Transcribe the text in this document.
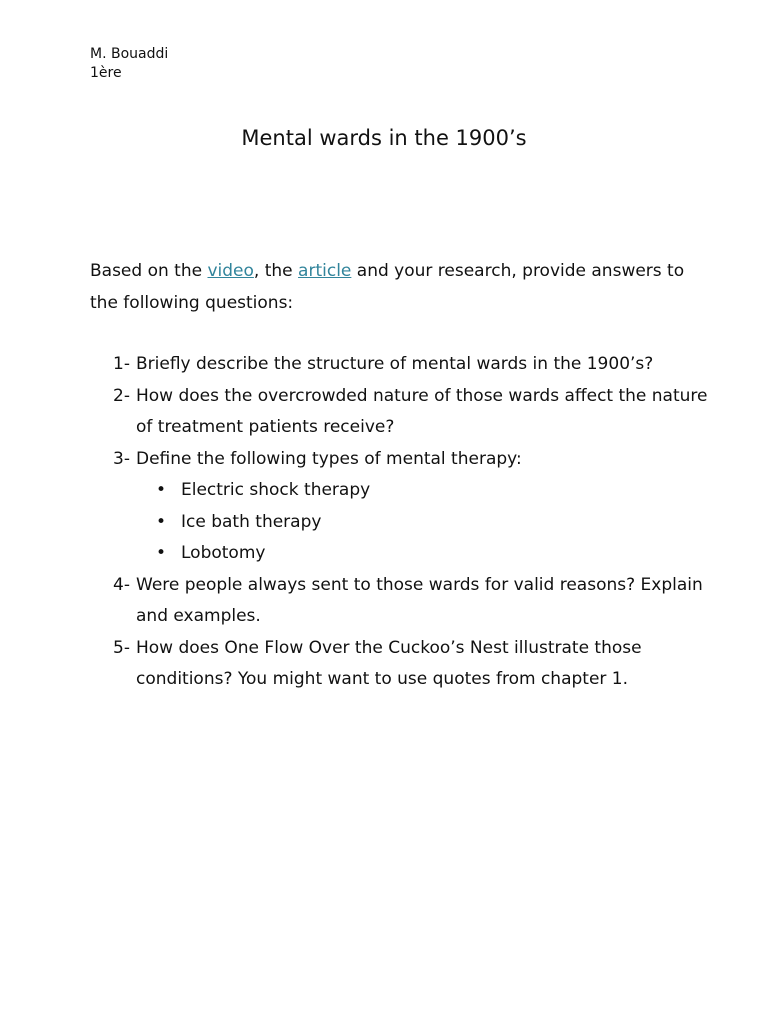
M. Bouaddi
1ère
Mental wards in the 1900’s
Based on the video, the article and your research, provide answers to the following questions:
1- Briefly describe the structure of mental wards in the 1900’s?
2- How does the overcrowded nature of those wards affect the nature of treatment patients receive?
3- Define the following types of mental therapy:
• Electric shock therapy
• Ice bath therapy
• Lobotomy
4- Were people always sent to those wards for valid reasons? Explain and examples.
5- How does One Flow Over the Cuckoo’s Nest illustrate those conditions? You might want to use quotes from chapter 1.
